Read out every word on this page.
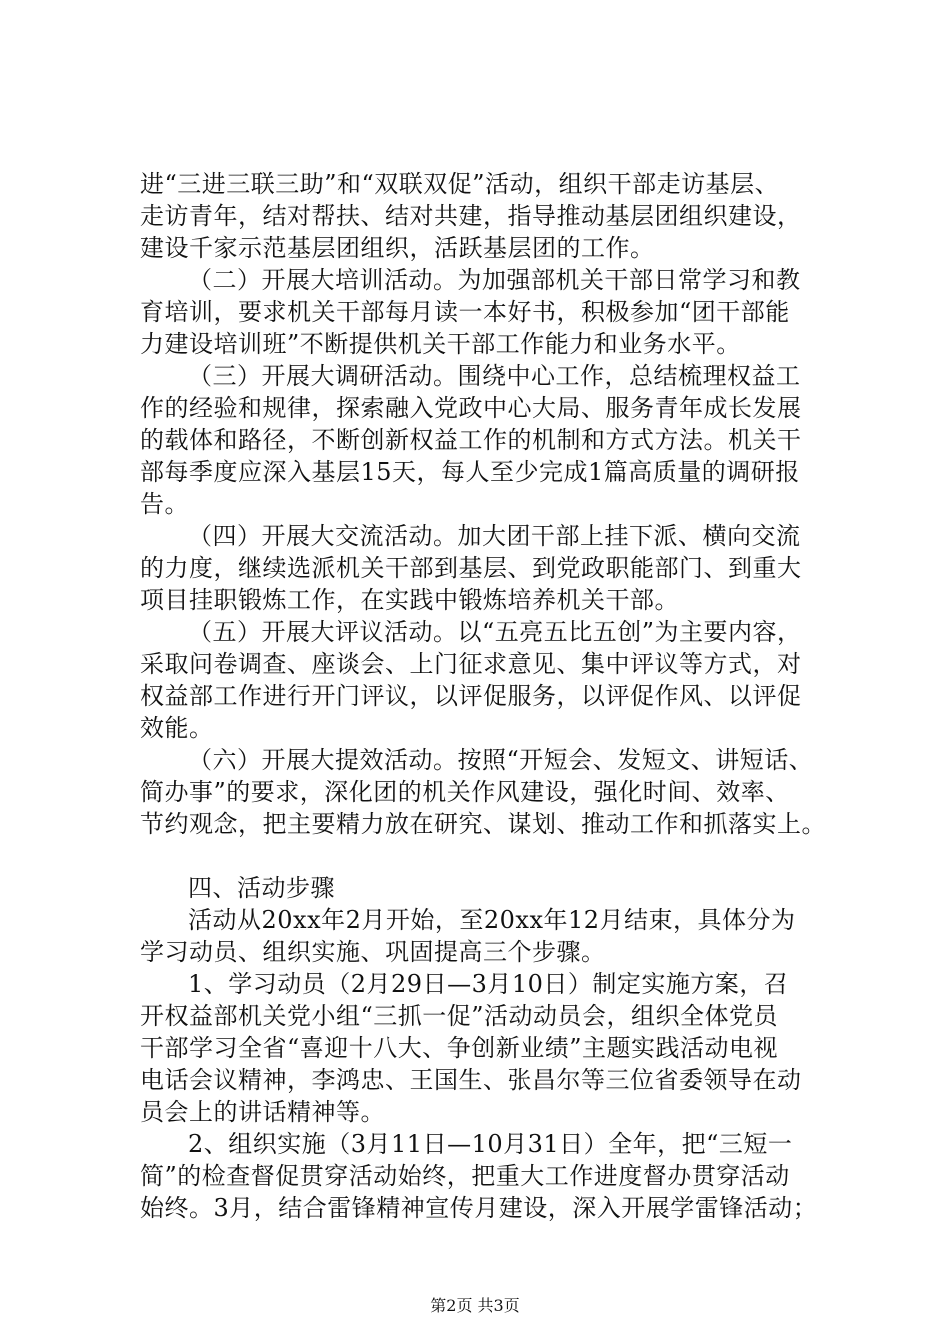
进“三进三联三助”和“双联双促”活动，组织干部走访基层、
走访青年，结对帮扶、结对共建，指导推动基层团组织建设，
建设千家示范基层团组织，活跃基层团的工作。
（二）开展大培训活动。为加强部机关干部日常学习和教
育培训，要求机关干部每月读一本好书，积极参加“团干部能
力建设培训班”不断提供机关干部工作能力和业务水平。
（三）开展大调研活动。围绕中心工作，总结梳理权益工
作的经验和规律，探索融入党政中心大局、服务青年成长发展
的载体和路径，不断创新权益工作的机制和方式方法。机关干
部每季度应深入基层15天，每人至少完成1篇高质量的调研报
告。
（四）开展大交流活动。加大团干部上挂下派、横向交流
的力度，继续选派机关干部到基层、到党政职能部门、到重大
项目挂职锻炼工作，在实践中锻炼培养机关干部。
（五）开展大评议活动。以“五亮五比五创”为主要内容，
采取问卷调查、座谈会、上门征求意见、集中评议等方式，对
权益部工作进行开门评议，以评促服务，以评促作风、以评促
效能。
（六）开展大提效活动。按照“开短会、发短文、讲短话、
简办事”的要求，深化团的机关作风建设，强化时间、效率、
节约观念，把主要精力放在研究、谋划、推动工作和抓落实上。
四、活动步骤
活动从20xx年2月开始，至20xx年12月结束，具体分为
学习动员、组织实施、巩固提高三个步骤。
1、学习动员（2月29日—3月10日）制定实施方案，召
开权益部机关党小组“三抓一促”活动动员会，组织全体党员
干部学习全省“喜迎十八大、争创新业绩”主题实践活动电视
电话会议精神，李鸿忠、王国生、张昌尔等三位省委领导在动
员会上的讲话精神等。
2、组织实施（3月11日—10月31日）全年，把“三短一
简”的检查督促贯穿活动始终，把重大工作进度督办贯穿活动
始终。3月，结合雷锋精神宣传月建设，深入开展学雷锋活动；
第2页 共3页
